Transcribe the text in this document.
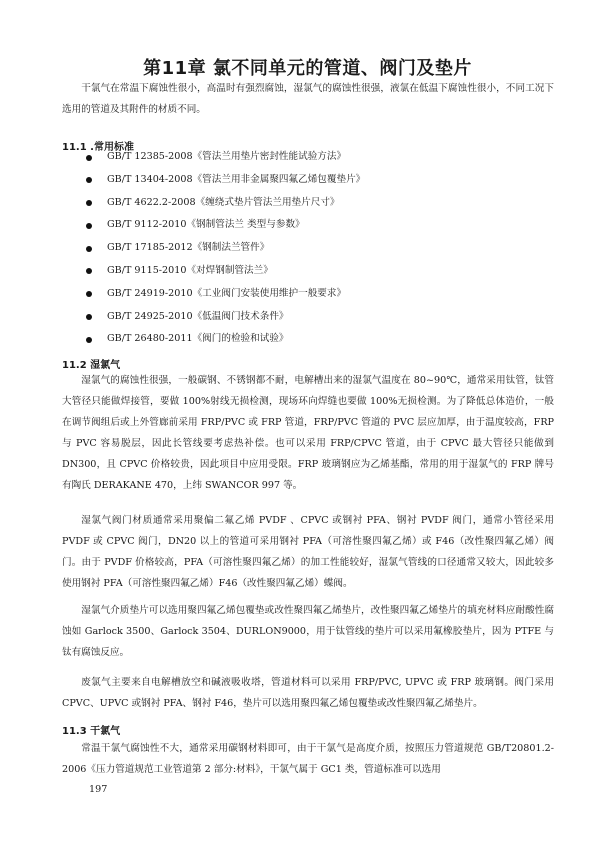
第11章 氯不同单元的管道、阀门及垫片

干氯气在常温下腐蚀性很小，高温时有强烈腐蚀，湿氯气的腐蚀性很强，液氯在低温下腐蚀性很小，不同工况下选用的管道及其附件的材质不同。

11.1 .常用标准
GB/T 12385-2008《管法兰用垫片密封性能试验方法》
GB/T 13404-2008《管法兰用非金属聚四氟乙烯包覆垫片》
GB/T 4622.2-2008《缠绕式垫片管法兰用垫片尺寸》
GB/T 9112-2010《钢制管法兰 类型与参数》
GB/T 17185-2012《钢制法兰管件》
GB/T 9115-2010《对焊钢制管法兰》
GB/T 24919-2010《工业阀门安装使用维护一般要求》
GB/T 24925-2010《低温阀门技术条件》
GB/T 26480-2011《阀门的检验和试验》
11.2 湿氯气

湿氯气的腐蚀性很强，一般碳钢、不锈钢都不耐，电解槽出来的湿氯气温度在 80~90℃，通常采用钛管，钛管大管径只能做焊接管，要做 100%射线无损检测，现场环向焊缝也要做 100%无损检测。为了降低总体造价，一般在调节阀组后或上外管廊前采用 FRP/PVC 或 FRP 管道，FRP/PVC 管道的 PVC 层应加厚，由于温度较高，FRP 与 PVC 容易脱层，因此长管线要考虑热补偿。也可以采用 FRP/CPVC 管道，由于 CPVC 最大管径只能做到 DN300，且 CPVC 价格较贵，因此项目中应用受限。FRP 玻璃钢应为乙烯基酯，常用的用于湿氯气的 FRP 牌号有陶氏 DERAKANE 470，上纬 SWANCOR 997 等。

湿氯气阀门材质通常采用聚偏二氟乙烯 PVDF 、CPVC 或钢衬 PFA、钢衬 PVDF 阀门，通常小管径采用 PVDF 或 CPVC 阀门，DN20 以上的管道可采用钢衬 PFA（可溶性聚四氟乙烯）或 F46（改性聚四氟乙烯）阀门。由于 PVDF 价格较高，PFA（可溶性聚四氟乙烯）的加工性能较好，湿氯气管线的口径通常又较大，因此较多使用钢衬 PFA（可溶性聚四氟乙烯）F46（改性聚四氟乙烯）蝶阀。

湿氯气介质垫片可以选用聚四氟乙烯包覆垫或改性聚四氟乙烯垫片，改性聚四氟乙烯垫片的填充材料应耐酸性腐蚀如 Garlock 3500、Garlock 3504、DURLON9000，用于钛管线的垫片可以采用氟橡胶垫片，因为 PTFE 与钛有腐蚀反应。

废氯气主要来自电解槽放空和碱液吸收塔，管道材料可以采用 FRP/PVC, UPVC 或 FRP 玻璃钢。阀门采用 CPVC、UPVC 或钢衬 PFA、钢衬 F46，垫片可以选用聚四氟乙烯包覆垫或改性聚四氟乙烯垫片。

11.3 干氯气

常温干氯气腐蚀性不大，通常采用碳钢材料即可，由于干氯气是高度介质，按照压力管道规范 GB/T20801.2-2006《压力管道规范工业管道第 2 部分:材料》，干氯气属于 GC1 类，管道标准可以选用

197
